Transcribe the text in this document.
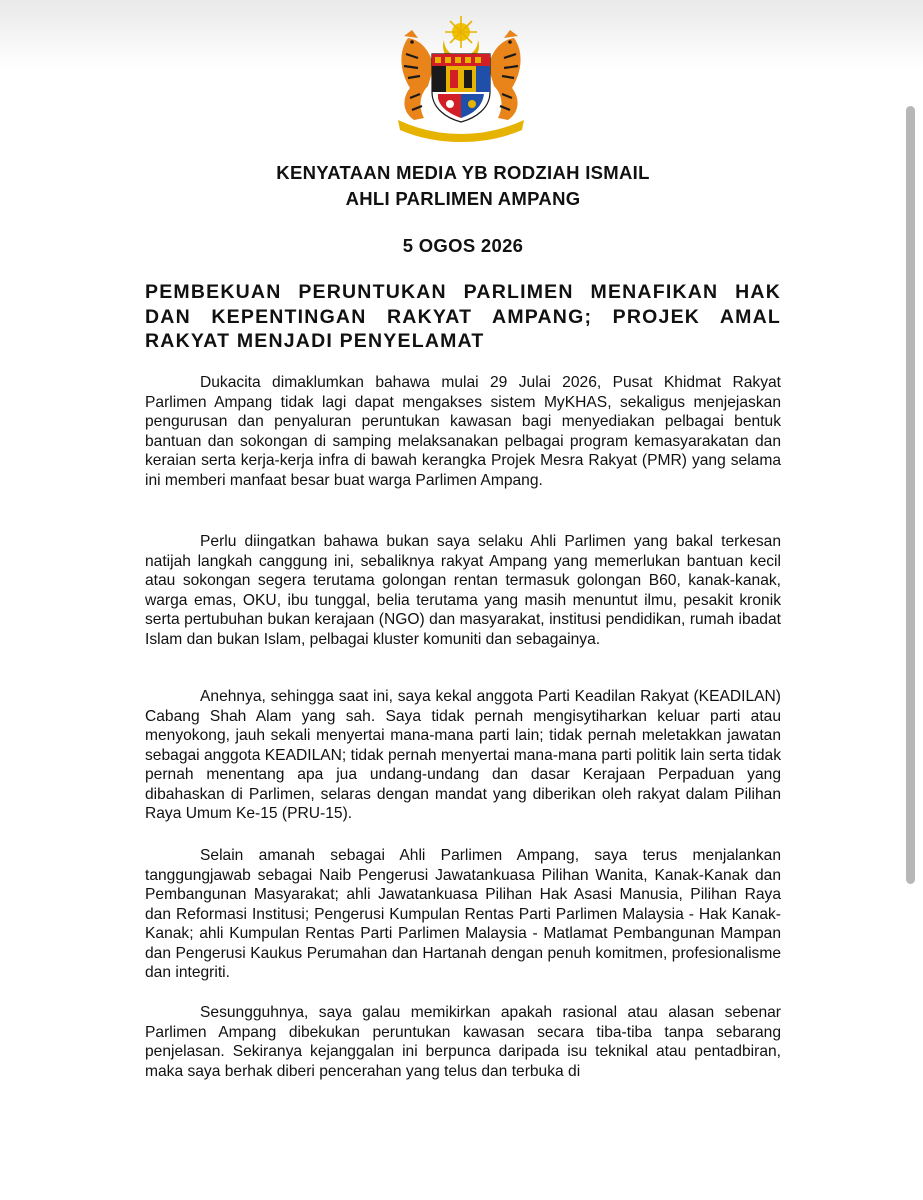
KENYATAAN MEDIA YB RODZIAH ISMAIL
AHLI PARLIMEN AMPANG
5 OGOS 2026
PEMBEKUAN PERUNTUKAN PARLIMEN MENAFIKAN HAK DAN KEPENTINGAN RAKYAT AMPANG; PROJEK AMAL RAKYAT MENJADI PENYELAMAT
Dukacita dimaklumkan bahawa mulai 29 Julai 2026, Pusat Khidmat Rakyat Parlimen Ampang tidak lagi dapat mengakses sistem MyKHAS, sekaligus menjejaskan pengurusan dan penyaluran peruntukan kawasan bagi menyediakan pelbagai bentuk bantuan dan sokongan di samping melaksanakan pelbagai program kemasyarakatan dan keraian serta kerja-kerja infra di bawah kerangka Projek Mesra Rakyat (PMR) yang selama ini memberi manfaat besar buat warga Parlimen Ampang.
Perlu diingatkan bahawa bukan saya selaku Ahli Parlimen yang bakal terkesan natijah langkah canggung ini, sebaliknya rakyat Ampang yang memerlukan bantuan kecil atau sokongan segera terutama golongan rentan termasuk golongan B60, kanak-kanak, warga emas, OKU, ibu tunggal, belia terutama yang masih menuntut ilmu, pesakit kronik serta pertubuhan bukan kerajaan (NGO) dan masyarakat, institusi pendidikan, rumah ibadat Islam dan bukan Islam, pelbagai kluster komuniti dan sebagainya.
Anehnya, sehingga saat ini, saya kekal anggota Parti Keadilan Rakyat (KEADILAN) Cabang Shah Alam yang sah. Saya tidak pernah mengisytiharkan keluar parti atau menyokong, jauh sekali menyertai mana-mana parti lain; tidak pernah meletakkan jawatan sebagai anggota KEADILAN; tidak pernah menyertai mana-mana parti politik lain serta tidak pernah menentang apa jua undang-undang dan dasar Kerajaan Perpaduan yang dibahaskan di Parlimen, selaras dengan mandat yang diberikan oleh rakyat dalam Pilihan Raya Umum Ke-15 (PRU-15).
Selain amanah sebagai Ahli Parlimen Ampang, saya terus menjalankan tanggungjawab sebagai Naib Pengerusi Jawatankuasa Pilihan Wanita, Kanak-Kanak dan Pembangunan Masyarakat; ahli Jawatankuasa Pilihan Hak Asasi Manusia, Pilihan Raya dan Reformasi Institusi; Pengerusi Kumpulan Rentas Parti Parlimen Malaysia - Hak Kanak-Kanak; ahli Kumpulan Rentas Parti Parlimen Malaysia - Matlamat Pembangunan Mampan dan Pengerusi Kaukus Perumahan dan Hartanah dengan penuh komitmen, profesionalisme dan integriti.
Sesungguhnya, saya galau memikirkan apakah rasional atau alasan sebenar Parlimen Ampang dibekukan peruntukan kawasan secara tiba-tiba tanpa sebarang penjelasan. Sekiranya kejanggalan ini berpunca daripada isu teknikal atau pentadbiran, maka saya berhak diberi pencerahan yang telus dan terbuka di
